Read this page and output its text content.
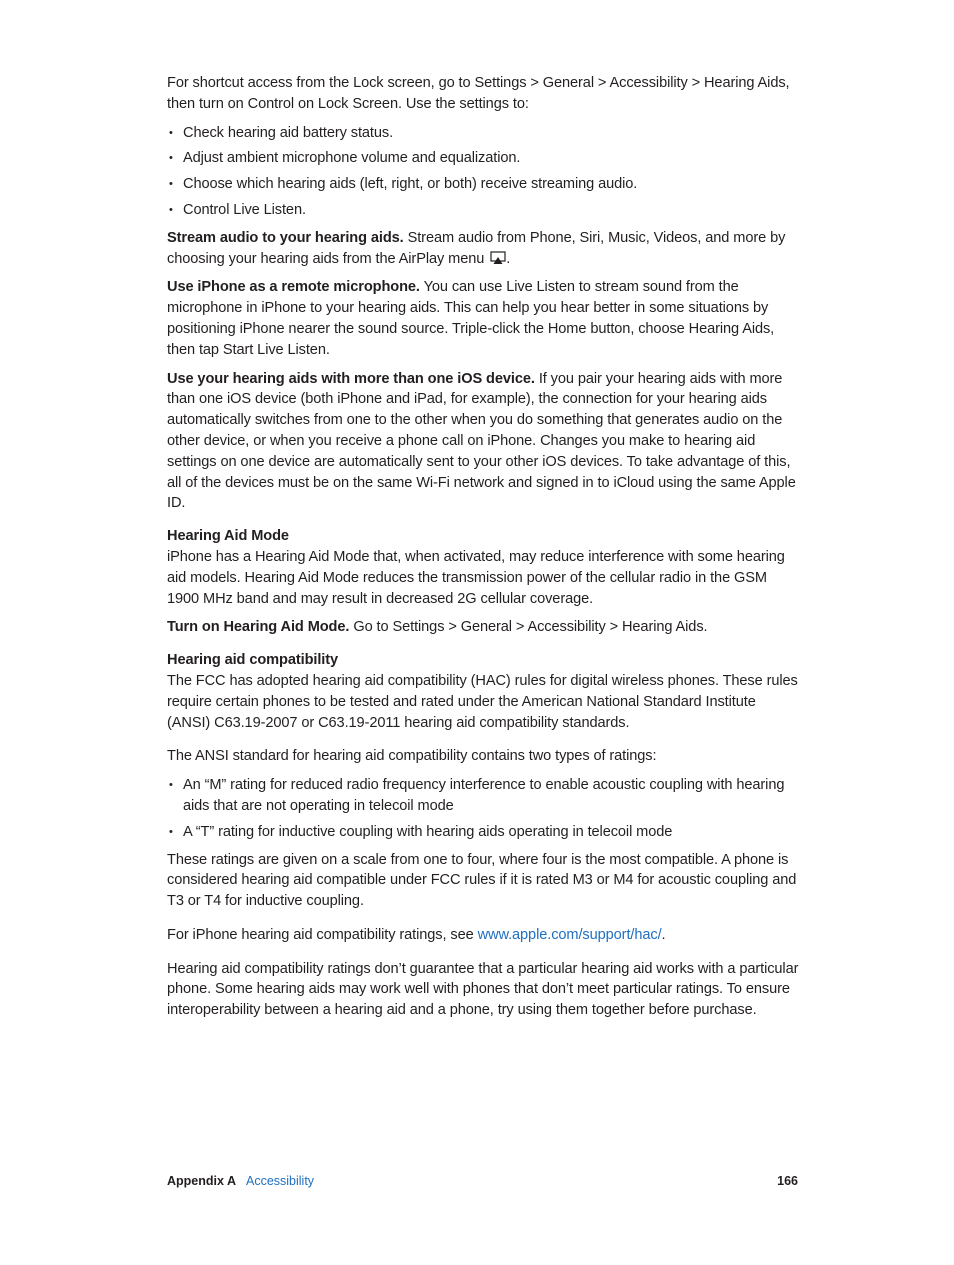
For shortcut access from the Lock screen, go to Settings > General > Accessibility > Hearing Aids, then turn on Control on Lock Screen. Use the settings to:

• Check hearing aid battery status.
• Adjust ambient microphone volume and equalization.
• Choose which hearing aids (left, right, or both) receive streaming audio.
• Control Live Listen.

Stream audio to your hearing aids. Stream audio from Phone, Siri, Music, Videos, and more by choosing your hearing aids from the AirPlay menu .

Use iPhone as a remote microphone. You can use Live Listen to stream sound from the microphone in iPhone to your hearing aids. This can help you hear better in some situations by positioning iPhone nearer the sound source. Triple-click the Home button, choose Hearing Aids, then tap Start Live Listen.

Use your hearing aids with more than one iOS device. If you pair your hearing aids with more than one iOS device (both iPhone and iPad, for example), the connection for your hearing aids automatically switches from one to the other when you do something that generates audio on the other device, or when you receive a phone call on iPhone. Changes you make to hearing aid settings on one device are automatically sent to your other iOS devices. To take advantage of this, all of the devices must be on the same Wi-Fi network and signed in to iCloud using the same Apple ID.

Hearing Aid Mode

iPhone has a Hearing Aid Mode that, when activated, may reduce interference with some hearing aid models. Hearing Aid Mode reduces the transmission power of the cellular radio in the GSM 1900 MHz band and may result in decreased 2G cellular coverage.

Turn on Hearing Aid Mode. Go to Settings > General > Accessibility > Hearing Aids.

Hearing aid compatibility

The FCC has adopted hearing aid compatibility (HAC) rules for digital wireless phones. These rules require certain phones to be tested and rated under the American National Standard Institute (ANSI) C63.19-2007 or C63.19-2011 hearing aid compatibility standards.

The ANSI standard for hearing aid compatibility contains two types of ratings:

• An “M” rating for reduced radio frequency interference to enable acoustic coupling with hearing aids that are not operating in telecoil mode
• A “T” rating for inductive coupling with hearing aids operating in telecoil mode

These ratings are given on a scale from one to four, where four is the most compatible. A phone is considered hearing aid compatible under FCC rules if it is rated M3 or M4 for acoustic coupling and T3 or T4 for inductive coupling.

For iPhone hearing aid compatibility ratings, see www.apple.com/support/hac/.

Hearing aid compatibility ratings don’t guarantee that a particular hearing aid works with a particular phone. Some hearing aids may work well with phones that don’t meet particular ratings. To ensure interoperability between a hearing aid and a phone, try using them together before purchase.

Appendix A Accessibility	166
